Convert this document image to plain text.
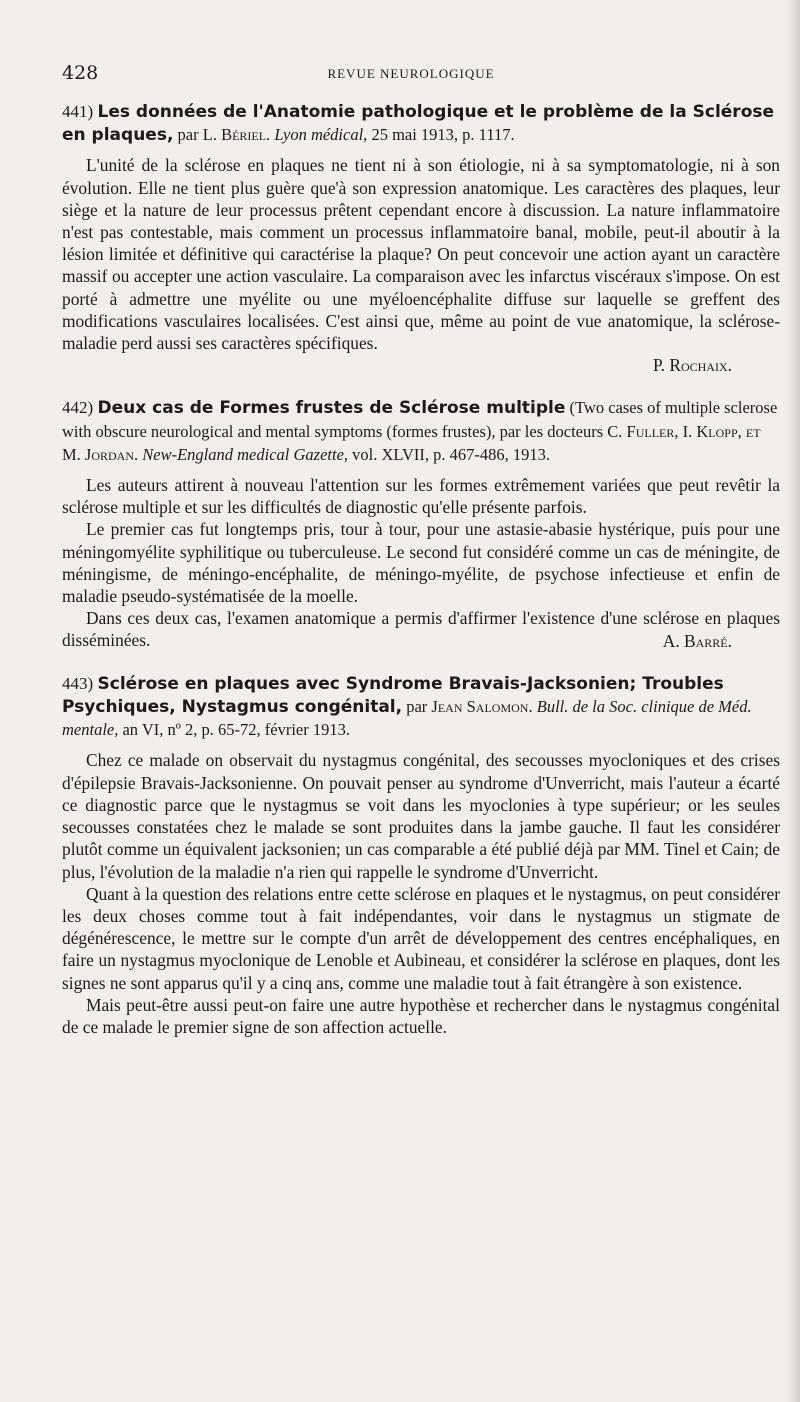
428	REVUE NEUROLOGIQUE

441) Les données de l'Anatomie pathologique et le problème de la Sclérose en plaques, par L. Bériel. Lyon médical, 25 mai 1913, p. 1117.

L'unité de la sclérose en plaques ne tient ni à son étiologie, ni à sa symptomatologie, ni à son évolution. Elle ne tient plus guère que'à son expression anatomique. Les caractères des plaques, leur siège et la nature de leur processus prêtent cependant encore à discussion. La nature inflammatoire n'est pas contestable, mais comment un processus inflammatoire banal, mobile, peut-il aboutir à la lésion limitée et définitive qui caractérise la plaque? On peut concevoir une action ayant un caractère massif ou accepter une action vasculaire. La comparaison avec les infarctus viscéraux s'impose. On est porté à admettre une myélite ou une myéloencéphalite diffuse sur laquelle se greffent des modifications vasculaires localisées. C'est ainsi que, même au point de vue anatomique, la sclérose-maladie perd aussi ses caractères spécifiques.

P. Rochaix.

442) Deux cas de Formes frustes de Sclérose multiple (Two cases of multiple sclerose with obscure neurological and mental symptoms (formes frustes), par les docteurs C. Fuller, I. Klopp, et M. Jordan. New-England medical Gazette, vol. XLVII, p. 467-486, 1913.

Les auteurs attirent à nouveau l'attention sur les formes extrêmement variées que peut revêtir la sclérose multiple et sur les difficultés de diagnostic qu'elle présente parfois.

Le premier cas fut longtemps pris, tour à tour, pour une astasie-abasie hystérique, puis pour une méningomyélite syphilitique ou tuberculeuse. Le second fut considéré comme un cas de méningite, de méningisme, de méningo-encéphalite, de méningo-myélite, de psychose infectieuse et enfin de maladie pseudo-systématisée de la moelle.

Dans ces deux cas, l'examen anatomique a permis d'affirmer l'existence d'une sclérose en plaques disséminées.	A. Barré.

443) Sclérose en plaques avec Syndrome Bravais-Jacksonien; Troubles Psychiques, Nystagmus congénital, par Jean Salomon. Bull. de la Soc. clinique de Méd. mentale, an VI, nº 2, p. 65-72, février 1913.

Chez ce malade on observait du nystagmus congénital, des secousses myocloniques et des crises d'épilepsie Bravais-Jacksonienne. On pouvait penser au syndrome d'Unverricht, mais l'auteur a écarté ce diagnostic parce que le nystagmus se voit dans les myoclonies à type supérieur; or les seules secousses constatées chez le malade se sont produites dans la jambe gauche. Il faut les considérer plutôt comme un équivalent jacksonien; un cas comparable a été publié déjà par MM. Tinel et Cain; de plus, l'évolution de la maladie n'a rien qui rappelle le syndrome d'Unverricht.

Quant à la question des relations entre cette sclérose en plaques et le nystagmus, on peut considérer les deux choses comme tout à fait indépendantes, voir dans le nystagmus un stigmate de dégénérescence, le mettre sur le compte d'un arrêt de développement des centres encéphaliques, en faire un nystagmus myoclonique de Lenoble et Aubineau, et considérer la sclérose en plaques, dont les signes ne sont apparus qu'il y a cinq ans, comme une maladie tout à fait étrangère à son existence.

Mais peut-être aussi peut-on faire une autre hypothèse et rechercher dans le nystagmus congénital de ce malade le premier signe de son affection actuelle.
